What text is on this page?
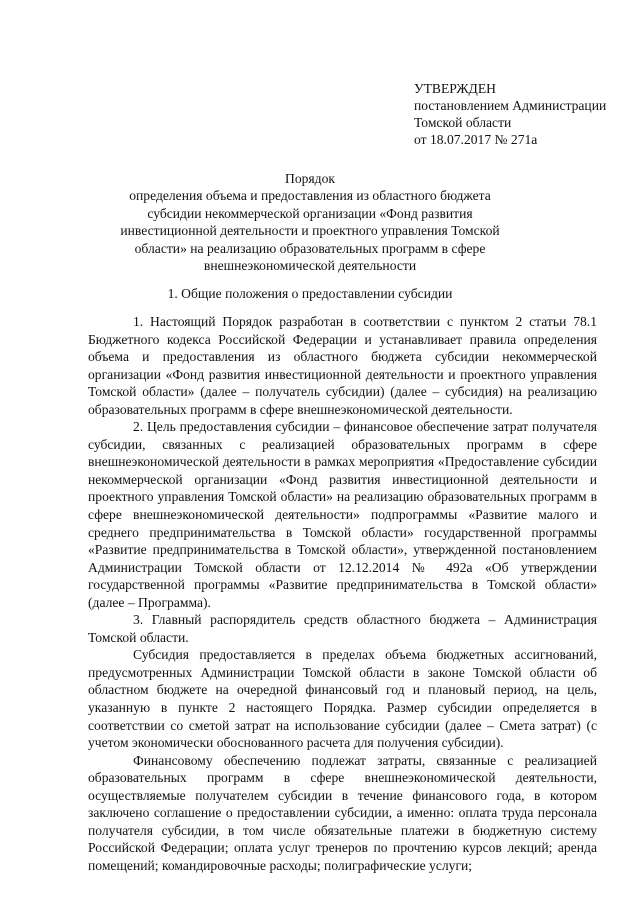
УТВЕРЖДЕН
постановлением Администрации
Томской области
от 18.07.2017 № 271а
Порядок
определения объема и предоставления из областного бюджета
субсидии некоммерческой организации «Фонд развития
инвестиционной деятельности и проектного управления Томской
области» на реализацию образовательных программ в сфере
внешнеэкономической деятельности
1. Общие положения о предоставлении субсидии

1. Настоящий Порядок разработан в соответствии с пунктом 2 статьи 78.1 Бюджетного кодекса Российской Федерации и устанавливает правила определения объема и предоставления из областного бюджета субсидии некоммерческой организации «Фонд развития инвестиционной деятельности и проектного управления Томской области» (далее – получатель субсидии) (далее – субсидия) на реализацию образовательных программ в сфере внешнеэкономической деятельности.

2. Цель предоставления субсидии – финансовое обеспечение затрат получателя субсидии, связанных с реализацией образовательных программ в сфере внешнеэкономической деятельности в рамках мероприятия «Предоставление субсидии некоммерческой организации «Фонд развития инвестиционной деятельности и проектного управления Томской области» на реализацию образовательных программ в сфере внешнеэкономической деятельности» подпрограммы «Развитие малого и среднего предпринимательства в Томской области» государственной программы «Развитие предпринимательства в Томской области», утвержденной постановлением Администрации Томской области от 12.12.2014 № 492а «Об утверждении государственной программы «Развитие предпринимательства в Томской области» (далее – Программа).

3. Главный распорядитель средств областного бюджета – Администрация Томской области.

Субсидия предоставляется в пределах объема бюджетных ассигнований, предусмотренных Администрации Томской области в законе Томской области об областном бюджете на очередной финансовый год и плановый период, на цель, указанную в пункте 2 настоящего Порядка. Размер субсидии определяется в соответствии со сметой затрат на использование субсидии (далее – Смета затрат) (с учетом экономически обоснованного расчета для получения субсидии).

Финансовому обеспечению подлежат затраты, связанные с реализацией образовательных программ в сфере внешнеэкономической деятельности, осуществляемые получателем субсидии в течение финансового года, в котором заключено соглашение о предоставлении субсидии, а именно: оплата труда персонала получателя субсидии, в том числе обязательные платежи в бюджетную систему Российской Федерации; оплата услуг тренеров по прочтению курсов лекций; аренда помещений; командировочные расходы; полиграфические услуги;
